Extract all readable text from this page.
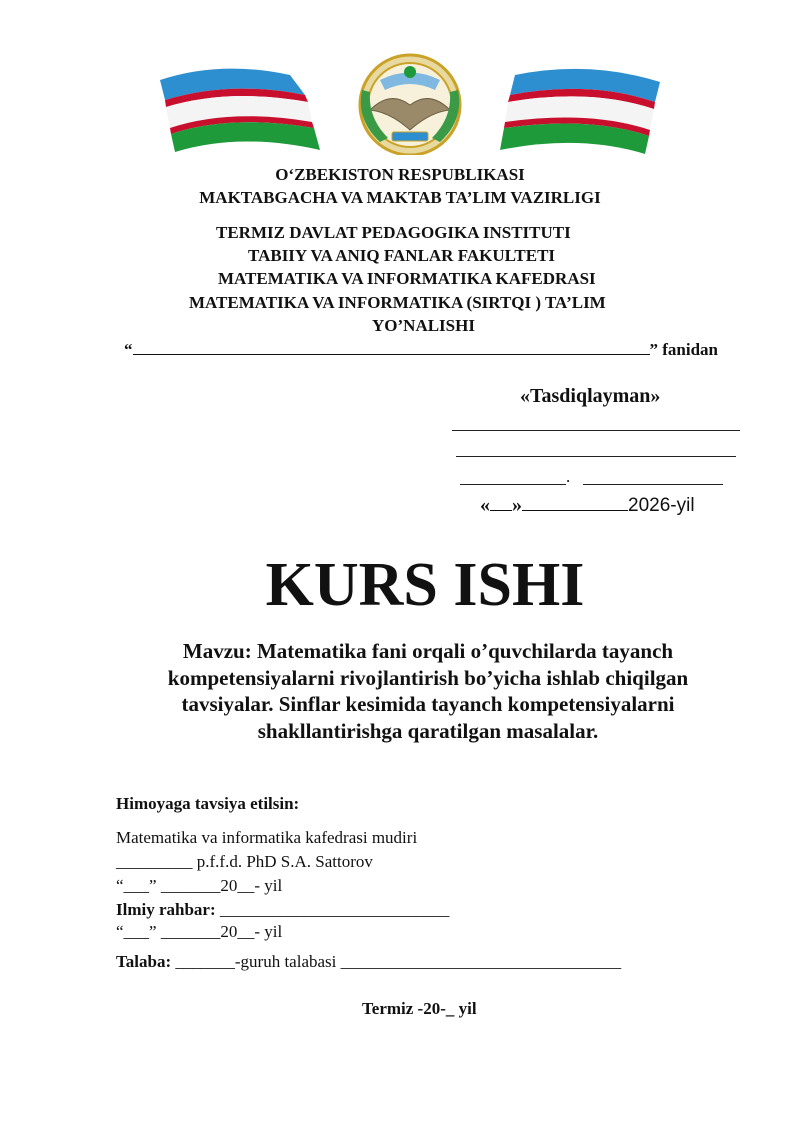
O‘ZBEKISTON RESPUBLIKASI
MAKTABGACHA VA MAKTAB TA’LIM VAZIRLIGI
TERMIZ DAVLAT PEDAGOGIKA INSTITUTI
TABIIY VA ANIQ FANLAR FAKULTETI
MATEMATIKA VA INFORMATIKA KAFEDRASI
MATEMATIKA VA INFORMATIKA (SIRTQI ) TA’LIM
YO’NALISHI
“	” fanidan
«Tasdiqlayman»
.
« »	2026-yil
KURS ISHI
Mavzu: Matematika fani orqali o’quvchilarda tayanch
kompetensiyalarni rivojlantirish bo’yicha ishlab chiqilgan
tavsiyalar. Sinflar kesimida tayanch kompetensiyalarni
shakllantirishga qaratilgan masalalar.
Himoyaga tavsiya etilsin:
Matematika va informatika kafedrasi mudiri
_________ p.f.f.d. PhD S.A. Sattorov
“___” _______20__- yil
Ilmiy rahbar: ___________________________
“___” _______20__- yil
Talaba: _______-guruh talabasi _________________________________
Termiz -20-_ yil
